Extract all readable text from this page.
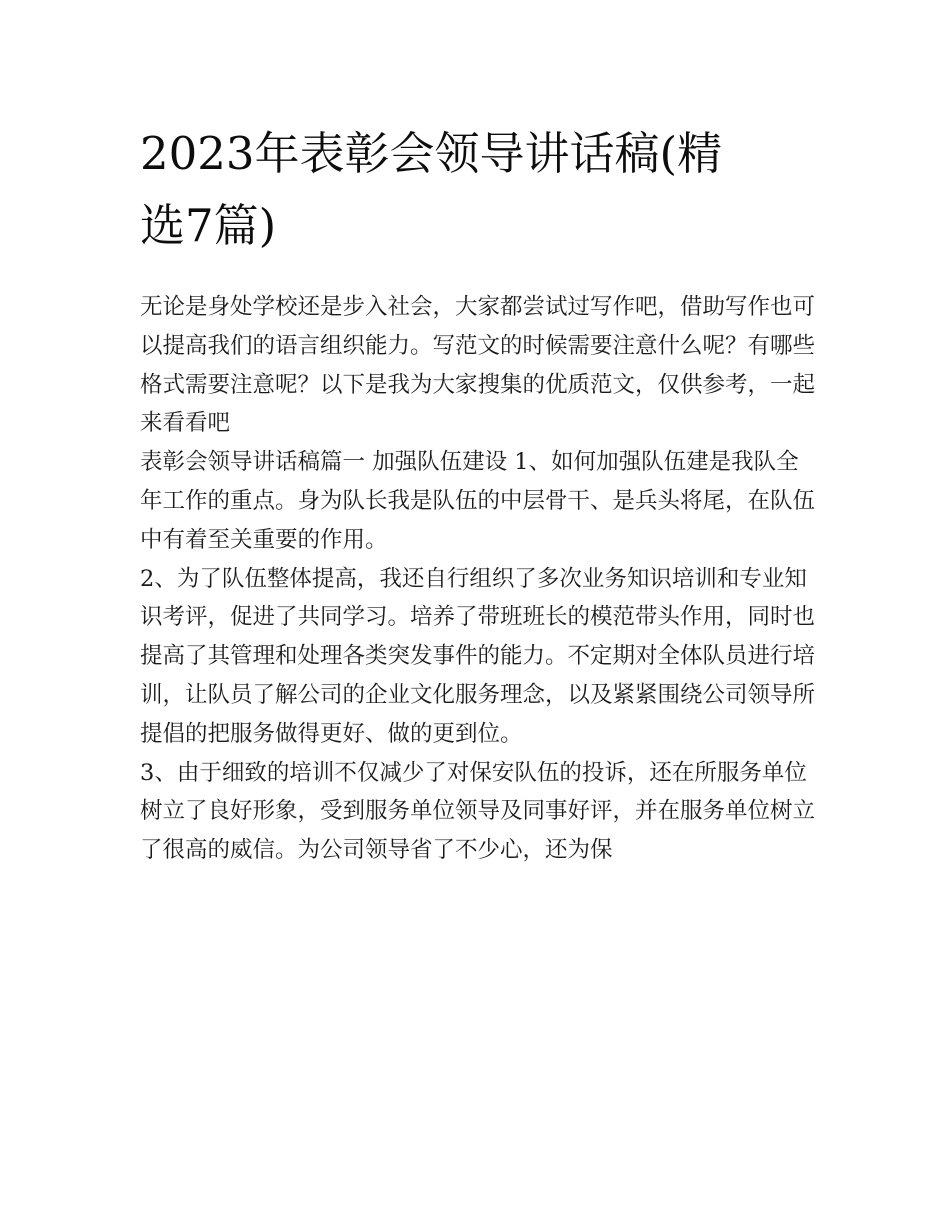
2023年表彰会领导讲话稿(精
选7篇)

无论是身处学校还是步入社会，大家都尝试过写作吧，借助写作也可以提高我们的语言组织能力。写范文的时候需要注意什么呢？有哪些格式需要注意呢？以下是我为大家搜集的优质范文，仅供参考，一起来看看吧

表彰会领导讲话稿篇一 加强队伍建设 1、如何加强队伍建是我队全年工作的重点。身为队长我是队伍的中层骨干、是兵头将尾，在队伍中有着至关重要的作用。

2、为了队伍整体提高，我还自行组织了多次业务知识培训和专业知识考评，促进了共同学习。培养了带班班长的模范带头作用，同时也提高了其管理和处理各类突发事件的能力。不定期对全体队员进行培训，让队员了解公司的企业文化服务理念，以及紧紧围绕公司领导所提倡的把服务做得更好、做的更到位。

3、由于细致的培训不仅减少了对保安队伍的投诉，还在所服务单位树立了良好形象，受到服务单位领导及同事好评，并在服务单位树立了很高的威信。为公司领导省了不少心，还为保
